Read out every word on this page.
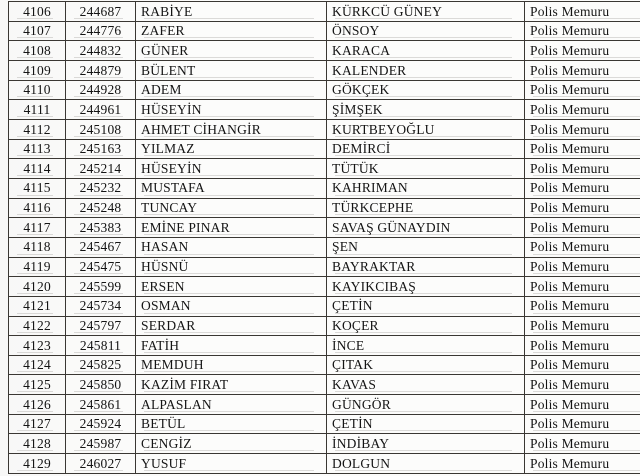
4106	244687	RABİYE	KÜRKCÜ GÜNEY	Polis Memuru
4107	244776	ZAFER	ÖNSOY	Polis Memuru
4108	244832	GÜNER	KARACA	Polis Memuru
4109	244879	BÜLENT	KALENDER	Polis Memuru
4110	244928	ADEM	GÖKÇEK	Polis Memuru
4111	244961	HÜSEYİN	ŞİMŞEK	Polis Memuru
4112	245108	AHMET CİHANGİR	KURTBEYOĞLU	Polis Memuru
4113	245163	YILMAZ	DEMİRCİ	Polis Memuru
4114	245214	HÜSEYİN	TÜTÜK	Polis Memuru
4115	245232	MUSTAFA	KAHRIMAN	Polis Memuru
4116	245248	TUNCAY	TÜRKCEPHE	Polis Memuru
4117	245383	EMİNE PINAR	SAVAŞ GÜNAYDIN	Polis Memuru
4118	245467	HASAN	ŞEN	Polis Memuru
4119	245475	HÜSNÜ	BAYRAKTAR	Polis Memuru
4120	245599	ERSEN	KAYIKCIBAŞ	Polis Memuru
4121	245734	OSMAN	ÇETİN	Polis Memuru
4122	245797	SERDAR	KOÇER	Polis Memuru
4123	245811	FATİH	İNCE	Polis Memuru
4124	245825	MEMDUH	ÇITAK	Polis Memuru
4125	245850	KAZİM FIRAT	KAVAS	Polis Memuru
4126	245861	ALPASLAN	GÜNGÖR	Polis Memuru
4127	245924	BETÜL	ÇETİN	Polis Memuru
4128	245987	CENGİZ	İNDİBAY	Polis Memuru
4129	246027	YUSUF	DOLGUN	Polis Memuru
